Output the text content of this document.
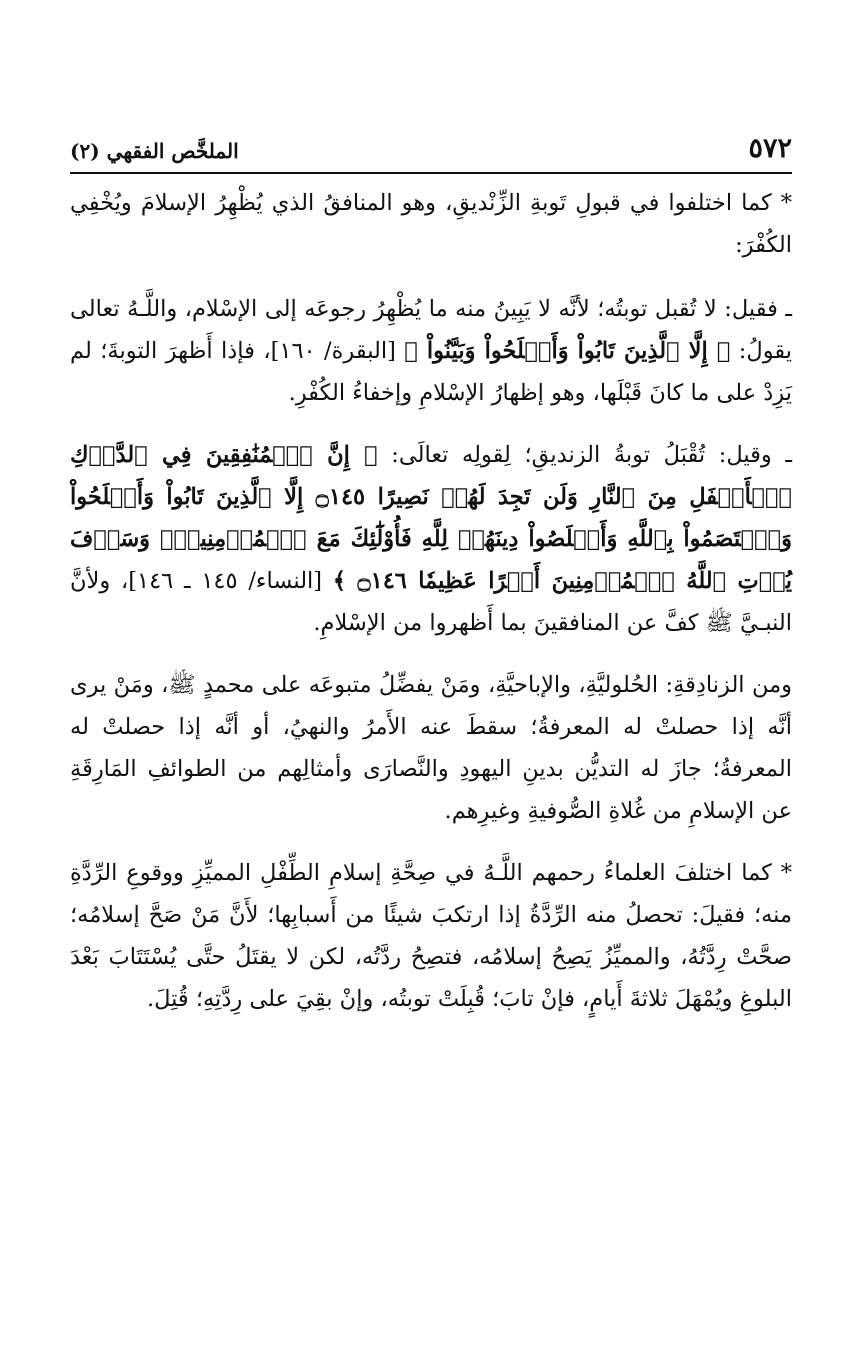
٥٧٢
الملخَّص الفقهي (٢)

* كما اختلفوا في قبولِ تَوبةِ الزِّنْديقِ، وهو المنافقُ الذي يُظْهِرُ الإسلامَ ويُخْفِي الكُفْرَ:

ـ فقيل: لا تُقبل توبتُه؛ لأنَّه لا يَبِينُ منه ما يُظْهِرُ رجوعَه إلى الإسْلام، واللَّـهُ تعالى يقولُ: ﴿ إِلَّا ٱلَّذِينَ تَابُواْ وَأَصۡلَحُواْ وَبَيَّنُواْ ﴾ [البقرة/ ١٦٠]، فإذا أَظهرَ التوبةَ؛ لم يَزِدْ على ما كانَ قَبْلَها، وهو إظهارُ الإسْلامِ وإخفاءُ الكُفْرِ.

ـ وقيل: تُقْبَلُ توبةُ الزنديقِ؛ لِقولِه تعالَى: ﴿ إِنَّ ٱلۡمُنَٰفِقِينَ فِي ٱلدَّرۡكِ ٱلۡأَسۡفَلِ مِنَ ٱلنَّارِ وَلَن تَجِدَ لَهُمۡ نَصِيرًا ۝١٤٥ إِلَّا ٱلَّذِينَ تَابُواْ وَأَصۡلَحُواْ وَٱعۡتَصَمُواْ بِٱللَّهِ وَأَخۡلَصُواْ دِينَهُمۡ لِلَّهِ فَأُوْلَٰٓئِكَ مَعَ ٱلۡمُؤۡمِنِينَۖ وَسَوۡفَ يُؤۡتِ ٱللَّهُ ٱلۡمُؤۡمِنِينَ أَجۡرًا عَظِيمٗا ۝١٤٦ ﴾ [النساء/ ١٤٥ ـ ١٤٦]، ولأنَّ النبـيَّ ﷺ كفَّ عن المنافقينَ بما أَظهروا من الإسْلامِ.

ومن الزنادِقةِ: الحُلوليَّةِ، والإباحيَّةِ، ومَنْ يفضِّلُ متبوعَه على محمدٍ ﷺ، ومَنْ يرى أنَّه إذا حصلتْ له المعرفةُ؛ سقطَ عنه الأَمرُ والنهيُ، أو أنَّه إذا حصلتْ له المعرفةُ؛ جازَ له التديُّن بدينِ اليهودِ والنَّصارَى وأمثالِهم من الطوائفِ المَارِقَةِ عن الإسلامِ من غُلاةِ الصُّوفيةِ وغيرِهم.

* كما اختلفَ العلماءُ رحمهم اللَّـهُ في صِحَّةِ إسلامِ الطِّفْلِ المميِّزِ ووقوعِ الرِّدَّةِ منه؛ فقيلَ: تحصلُ منه الرِّدَّةُ إذا ارتكبَ شيئًا من أَسبابِها؛ لأَنَّ مَنْ صَحَّ إسلامُه؛ صحَّتْ رِدَّتُهُ، والمميِّزُ يَصِحُ إسلامُه، فتصِحُ ردَّتُه، لكن لا يقتَلُ حتَّى يُسْتَتَابَ بَعْدَ البلوغِ ويُمْهَلَ ثلاثةَ أَيامٍ، فإنْ تابَ؛ قُبِلَتْ توبتُه، وإنْ بقِيَ على رِدَّتِهِ؛ قُتِلَ.
